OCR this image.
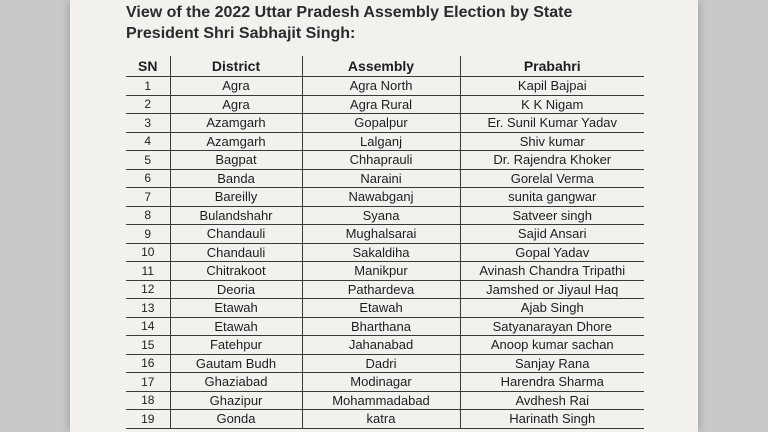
View of the 2022 Uttar Pradesh Assembly Election by State
President Shri Sabhajit Singh:
SN	District	Assembly	Prabahri
1	Agra	Agra North	Kapil Bajpai
2	Agra	Agra Rural	K K Nigam
3	Azamgarh	Gopalpur	Er. Sunil Kumar Yadav
4	Azamgarh	Lalganj	Shiv kumar
5	Bagpat	Chhaprauli	Dr. Rajendra Khoker
6	Banda	Naraini	Gorelal Verma
7	Bareilly	Nawabganj	sunita gangwar
8	Bulandshahr	Syana	Satveer singh
9	Chandauli	Mughalsarai	Sajid Ansari
10	Chandauli	Sakaldiha	Gopal Yadav
11	Chitrakoot	Manikpur	Avinash Chandra Tripathi
12	Deoria	Pathardeva	Jamshed or Jiyaul Haq
13	Etawah	Etawah	Ajab Singh
14	Etawah	Bharthana	Satyanarayan Dhore
15	Fatehpur	Jahanabad	Anoop kumar sachan
16	Gautam Budh	Dadri	Sanjay Rana
17	Ghaziabad	Modinagar	Harendra Sharma
18	Ghazipur	Mohammadabad	Avdhesh Rai
19	Gonda	katra	Harinath Singh
